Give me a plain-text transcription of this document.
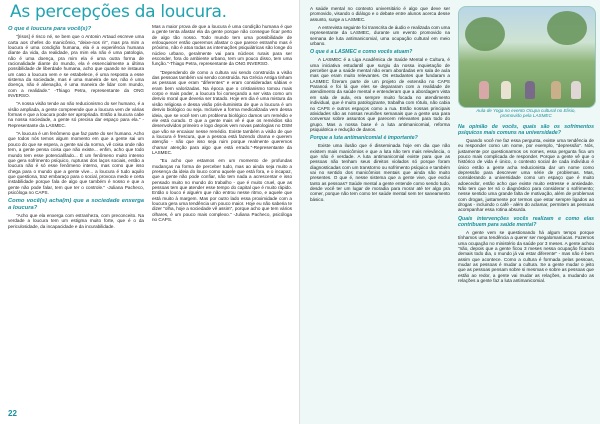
As percepções da loucura.
O que é loucura para você(s)?

"[risos] é risco né, se bem que o Antonin Artaud escreve uma carta aos chefes do manicômio, "deixe-nos rir", mas pra mim a loucura é uma condição humana, ela é a experiência humana diante da vida, da realidade, pra mim ela não é uma patologia, não é uma doença, pra mim ela é uma outra forma de racionalidade diante do mundo, ela é essencialmente a última possibilidade de liberdade humana, acho que quando se instaura um caso a loucura vem e se estabelece, é uma resposta a esse sistema da sociedade, mas é uma maneira de ser, não é uma doença, não é alienação, é uma maneira de lidar com mundo, com a realidade." -Thiago Petra, representante da ONG INVERSO.

"A nossa visão tende ao não reducionismo do ser humano, é a visão ampliada, a gente compreende que a loucura vem de várias formas e que a loucura pode ser apropriada. Então a loucura cabe na nossa sociedade, a gente só precisa dar espaço para ela." -Representante da LASMEC.

"A loucura é um fenômeno que faz parte do ser humano. Acho que todos nós temos algum momento em que a gente sai um pouco do que se espera, a gente sai da norma, vê coisa onde não tem, a gente pensa coisa que não existe... enfim, acho que todo mundo tem esse potencial/lado... É um fenômeno muito intenso que gera sofrimento psíquico, rupturas dos laços sociais, então a loucura não é só esse fenômeno interno, mas como que isso chega para o mundo que a gente vive... a loucura é tudo aquilo que questiona, traz embaraço para o social, provoca medo e certa instabilidade porque fala de algo que também é nosso e que a gente não pode falar, tem que ter o controle." -Juliana Pacheco, psicóloga no CAPS.

Como você(s) acha(m) que a sociedade enxerga a loucura?

"Acho que ela enxerga com estranheza, com preconceito. Na verdade a loucura tem um estigma muito forte, que é o da periculosidade, da incapacidade e da incurabilidade.

Mas a maior prova de que a loucura é uma condição humana é que a gente tenta afastar ela da gente porque não consegue ficar perto de algo tão nosso. Todo mundo tem uma possibilidade de enlouquecer então queremos afastar o que parece estranho mas é próximo, não é atoa todas as internações psiquiátricas são longe do núcleo urbano, geralmente vai para núcleos rurais para ser esconder, fora do ambiente urbano, tem um pouco disso, tem uma função."-Thiago Petra, representante da ONG INVERSO.

"Dependendo de como a cultura vai sendo construída a visão das pessoas também vai sendo construída. Na Grécia Antiga tinham as pessoas que eram "diferentes" e eram consideradas sábias e eram bem valorizadas. Na época que o cristianismo tomou mais corpo e mais poder, a loucura foi começando a ser vista como um desvio moral que deveria ser tratado. Hoje em dia é uma mistura da visão religiosa e dessa visão pós-iluminista de que a loucura é um desvio biológico ou seja. Inclusive a forma medicalizada vem dessa ideia, que se você tem um problema biológico damos um remédio e ele está curado. O que a gente mais vê é que os remédios são desenvolvidos primeiro e logo depois vem novas patologias no DSM que vão se encaixar nesse remédio. Existe também a visão de que a loucura é frescura, que a pessoa está fazendo drama e querem atenção - não que isso seja ruim porque realmente queremos chamar atenção para algo que está errado."-Representante da LASMEC.

"Eu acho que estamos em um momento de profundas mudanças na forma de perceber tudo, mas ao ainda seja muito a presença da ideia do louco como aquele que está fora, e o incapaz, que a gente não pode confiar, não tem nada a acrescentar e isso pensado muito no mundo do trabalho - que é muito cruel, que as pessoas tem que atender esse tempo do capital que é muito rápido. Então o louco é alguém que não entrou nesse ritmo, e aquele que está muito à margem. Mas por outro lado essa proximidade com a loucura gera uma tendência um pouco maior. Hoje eu não saberia te dizer "olha, hoje a sociedade vê assim", porque acho que tem vários olhares, é um pouco mais complexo." -Juliana Pacheco, psicóloga no CAPS.

22

A saúde mental no contexto universitário é algo que deve ser promovido, visando o diálogo e o debate entre alunos acerca desse assunto, surge a LASMEC.

A entrevista seguinte foi transcrita de áudio e realizada com uma representante da LASMEC, durante um evento promovido na semana de luta antimanicomial, uma ocupação cultural em meio urbano.

O que é a LASMEC e como vocês atuam?

A LASMEC é a Liga Acadêmica de Saúde Mental e Cultura, é uma iniciativa estudantil que surgiu da nossa inquietação de perceber que a saúde mental não eram abordadas em sala de aula mas que eram muito relevantes. Os estudantes que fundaram a LASMEC fizeram parte de um projeto de extensão no CAPS Paranoá e foi lá que eles se depararam com a realidade de atendimento da saúde mental e entenderam que a abordagem vista em sala de aula, era sempre muito focada no atendimento individual, que é muito patologizante, trabalha com rótulo, não cabia no CAPS e outros espaços como a rua. Então nossas principais atividades são as nossas reuniões semanais que a gente usa para conversar sobre assuntos que parecem relevantes para todo do grupo. Mas a nossa base é a luta antimanicomial, reforma psiquiátrica e redução de danos.

Porque a luta antimanicomial é importante?

Existe uma ilusão que é disseminada hoje em dia que não existem mais manicômios e que a luta não tem mais relevância, o que não é verdade. A luta antimanicomial existe para que as pessoas não tenham seus direitos violados só porque foram diagnosticadas com um transtorno ou sofrimento psíquico e também vai no sentido dos manicômios mentais que ainda são muito presentes. O que é, nesse sistema que a gente vive, que exclui tanto as pessoas? Saúde mental a gente entende como sendo tudo, desde você ter um lugar de moradia para morar até ter algo pra comer, porque não tem como ter saúde mental sem ter saneamento básico.

Aula de Yoga no evento Ocupa cultural no Elisio, promovido pela LASMEC
Na opinião de vocês, quais são os sofrimentos psíquicos mais comuns na universidade?

Quando você me faz essa pergunta, existe uma tendência de eu responder como um nome, por exemplo, "depressão". Nós, justamente por questionarmos os nomes, essa pergunta fica um pouco mais complicada de responder. Porque a gente vê que o histórico de vida é único, o contexto social de cada indivíduo é único então a gente acha reducionista dar um nome como depressão para descrever uma série de problemas. Mas, considerando a universidade como um espaço que é muito adoecedor, então acho que existe muito estresse e ansiedade. Não tem que ter só o diagnóstico para considerar o sofrimento; nesse sentido uma grande falta de motivação, além de problemas com drogas, justamente por termos que estar sempre ligados ao drogas - incluindo o café - além do aclamar, permitem as pessoas acompanhar essa rotina absurda.

Quais intervenções vocês realizam e como elas contribuem para saúde mental?

A gente vem se questionando há algum tempo porque tínhamos uma tendência a querer ser megalomaníacas. Fazemos uma ocupação no ministério da saúde por 3 meses. A gente achou "não, depois que a gente ficou 3 meses nessa ocupação ficando demais todo dia, o mundo já vai estar diferente" - mas não é bem assim que acontece. Como a cultura é formada pelas pessoas, mudar as pessoas é mudar a cultura. Se a gente mudar o jeito que as pessoas pensam sobre si mesmas e sobre as pessoas que estão ao redor, a gente vai mudar as relações, a mudando as relações a gente faz a luta antimanicomial.
